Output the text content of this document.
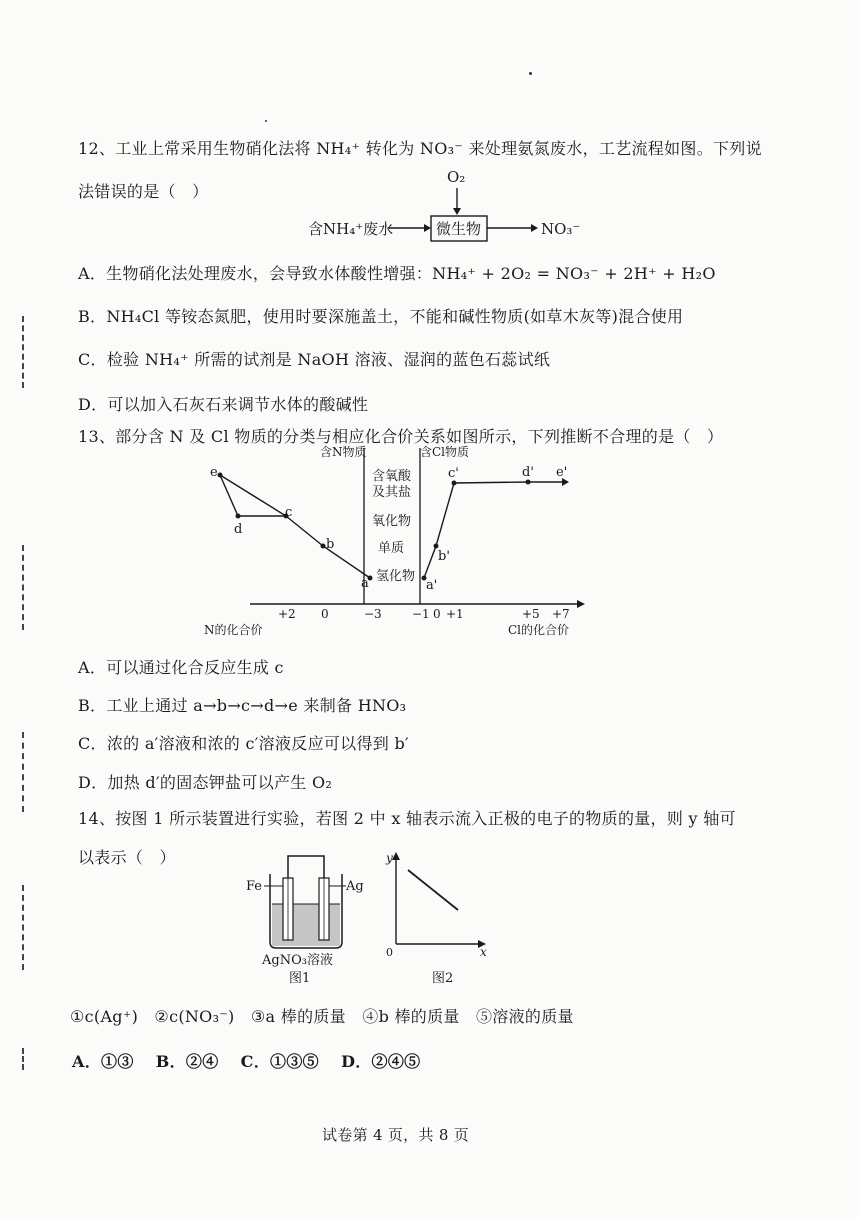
12、工业上常采用生物硝化法将 NH₄⁺ 转化为 NO₃⁻ 来处理氨氮废水，工艺流程如图。下列说
法错误的是（　）
O₂
含NH₄⁺废水	微生物	NO₃⁻
A．生物硝化法处理废水，会导致水体酸性增强：NH₄⁺ + 2O₂ = NO₃⁻ + 2H⁺ + H₂O
B．NH₄Cl 等铵态氮肥，使用时要深施盖土，不能和碱性物质(如草木灰等)混合使用
C．检验 NH₄⁺ 所需的试剂是 NaOH 溶液、湿润的蓝色石蕊试纸
D．可以加入石灰石来调节水体的酸碱性
13、部分含 N 及 Cl 物质的分类与相应化合价关系如图所示，下列推断不合理的是（　）
含N物质	含Cl物质
含氧酸
及其盐
氧化物
单质
氢化物
e
d
c
b
a
c'	d' e'
b'
a'
+2 0	−3	−1 0 +1	+5 +7
N的化合价	Cl的化合价
A．可以通过化合反应生成 c
B．工业上通过 a→b→c→d→e 来制备 HNO₃
C．浓的 a′溶液和浓的 c′溶液反应可以得到 b′
D．加热 d′的固态钾盐可以产生 O₂
14、按图 1 所示装置进行实验，若图 2 中 x 轴表示流入正极的电子的物质的量，则 y 轴可
以表示（　）
Fe	Ag
AgNO₃溶液
图1
y
x
0
图2
①c(Ag⁺)　②c(NO₃⁻)　③a 棒的质量　④b 棒的质量　⑤溶液的质量
A．①③　 B．②④　 C．①③⑤　 D．②④⑤
试卷第 4 页，共 8 页
